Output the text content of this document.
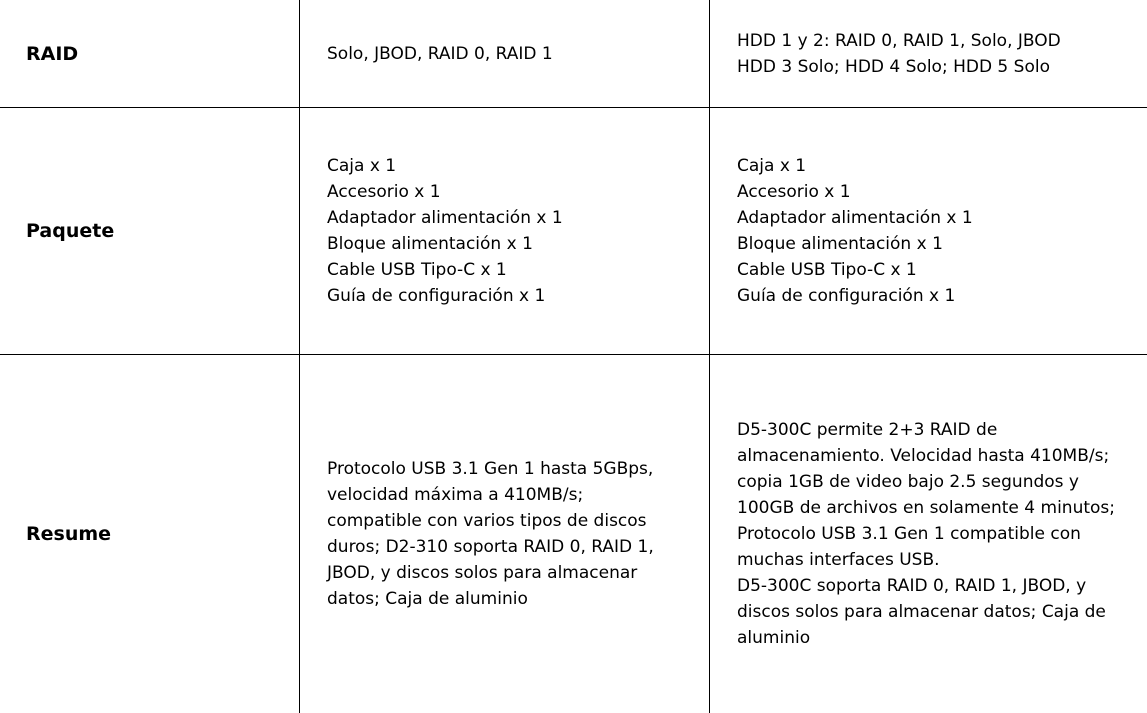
RAID	Solo, JBOD, RAID 0, RAID 1
HDD 1 y 2: RAID 0, RAID 1, Solo, JBOD
HDD 3 Solo; HDD 4 Solo; HDD 5 Solo
Paquete
Caja x 1
Accesorio x 1
Adaptador alimentación x 1
Bloque alimentación x 1
Cable USB Tipo-C x 1
Guía de configuración x 1
Caja x 1
Accesorio x 1
Adaptador alimentación x 1
Bloque alimentación x 1
Cable USB Tipo-C x 1
Guía de configuración x 1
Resume
Protocolo USB 3.1 Gen 1 hasta 5GBps,
velocidad máxima a 410MB/s;
compatible con varios tipos de discos
duros; D2-310 soporta RAID 0, RAID 1,
JBOD, y discos solos para almacenar
datos; Caja de aluminio
D5-300C permite 2+3 RAID de
almacenamiento. Velocidad hasta 410MB/s;
copia 1GB de video bajo 2.5 segundos y
100GB de archivos en solamente 4 minutos;
Protocolo USB 3.1 Gen 1 compatible con
muchas interfaces USB.
D5-300C soporta RAID 0, RAID 1, JBOD, y
discos solos para almacenar datos; Caja de
aluminio
